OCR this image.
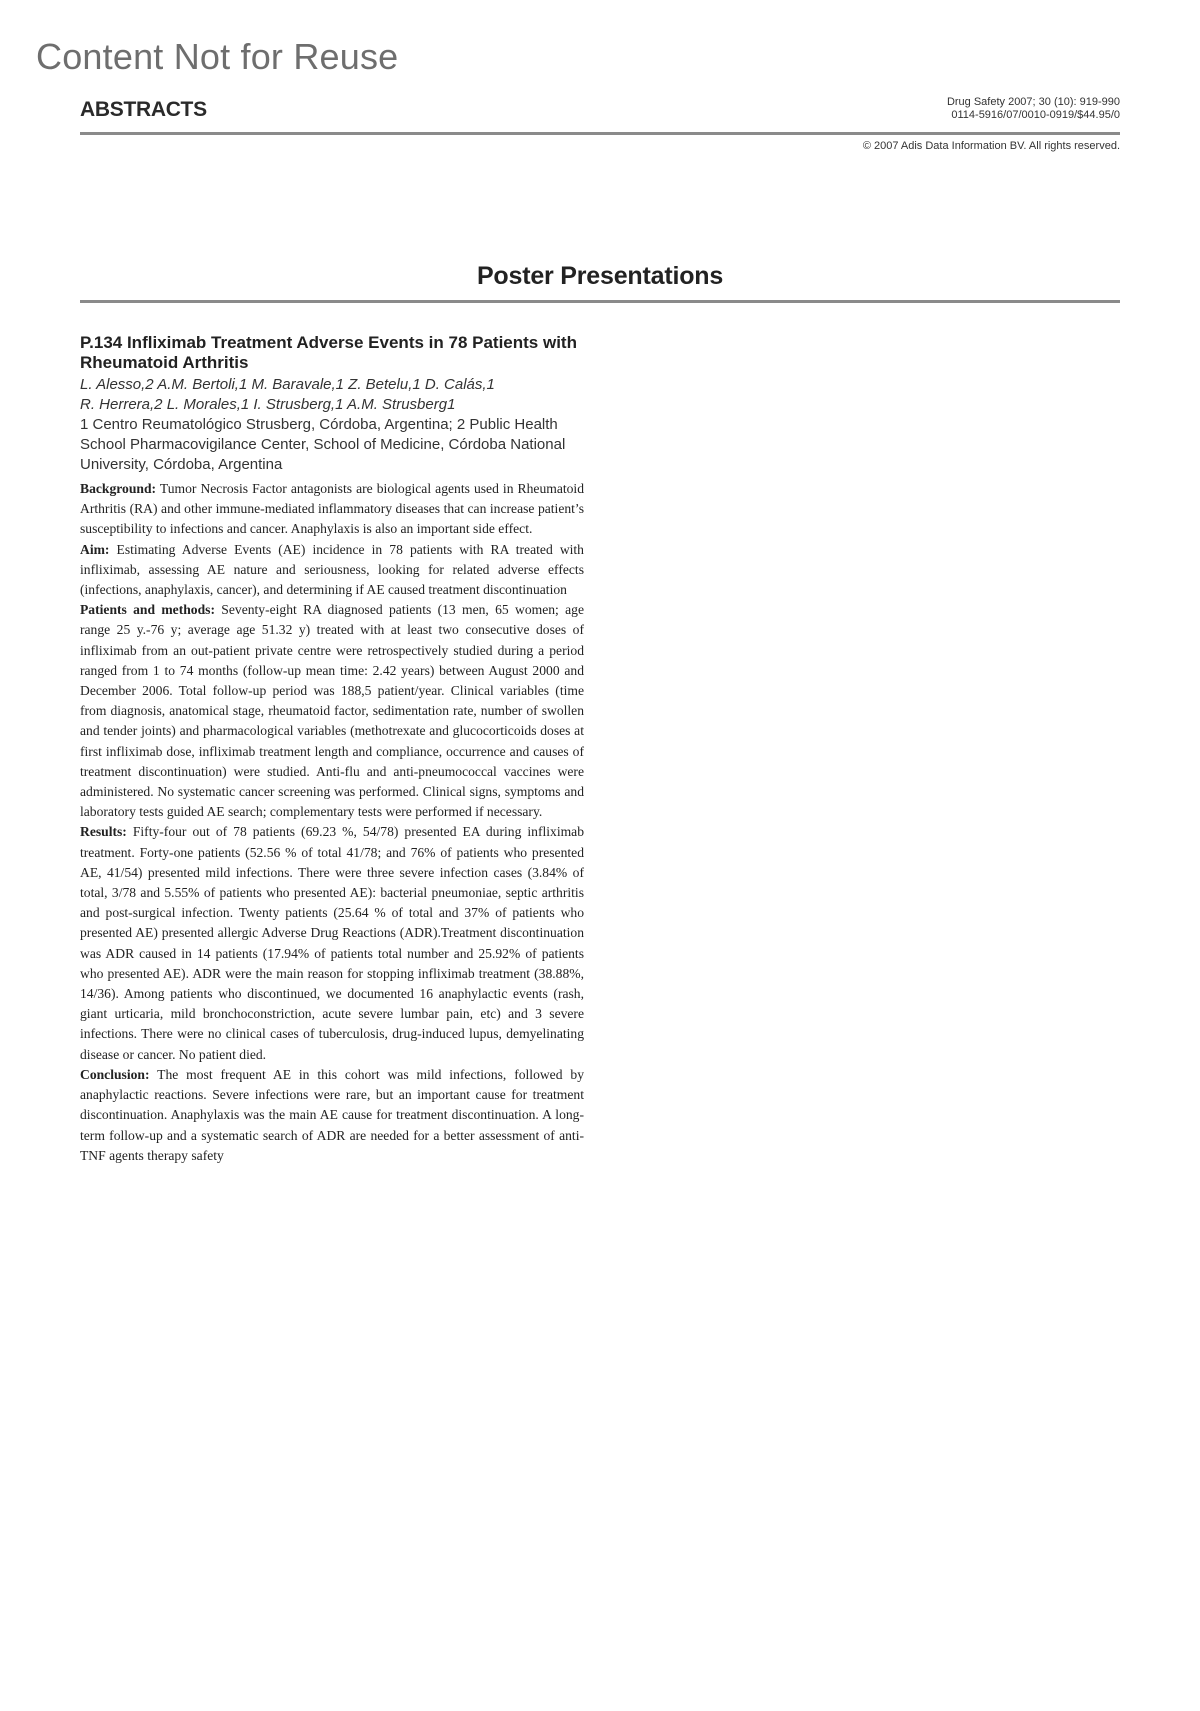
Content Not for Reuse
ABSTRACTS	Drug Safety 2007; 30 (10): 919-990
0114-5916/07/0010-0919/$44.95/0
© 2007 Adis Data Information BV. All rights reserved.
Poster Presentations

P.134 Infliximab Treatment Adverse Events in 78 Patients with Rheumatoid Arthritis

L. Alesso,2 A.M. Bertoli,1 M. Baravale,1 Z. Betelu,1 D. Calás,1
R. Herrera,2 L. Morales,1 I. Strusberg,1 A.M. Strusberg1

1 Centro Reumatológico Strusberg, Córdoba, Argentina; 2 Public Health School Pharmacovigilance Center, School of Medicine, Córdoba National University, Córdoba, Argentina

Background: Tumor Necrosis Factor antagonists are biological agents used in Rheumatoid Arthritis (RA) and other immune-mediated inflammatory diseases that can increase patient’s susceptibility to infections and cancer. Anaphylaxis is also an important side effect.

Aim: Estimating Adverse Events (AE) incidence in 78 patients with RA treated with infliximab, assessing AE nature and seriousness, looking for related adverse effects (infections, anaphylaxis, cancer), and determining if AE caused treatment discontinuation

Patients and methods: Seventy-eight RA diagnosed patients (13 men, 65 women; age range 25 y.-76 y; average age 51.32 y) treated with at least two consecutive doses of infliximab from an out-patient private centre were retrospectively studied during a period ranged from 1 to 74 months (follow-up mean time: 2.42 years) between August 2000 and December 2006. Total follow-up period was 188,5 patient/year. Clinical variables (time from diagnosis, anatomical stage, rheumatoid factor, sedimentation rate, number of swollen and tender joints) and pharmacological variables (methotrexate and glucocorticoids doses at first infliximab dose, infliximab treatment length and compliance, occurrence and causes of treatment discontinuation) were studied. Anti-flu and anti-pneumococcal vaccines were administered. No systematic cancer screening was performed. Clinical signs, symptoms and laboratory tests guided AE search; complementary tests were performed if necessary.

Results: Fifty-four out of 78 patients (69.23 %, 54/78) presented EA during infliximab treatment. Forty-one patients (52.56 % of total 41/78; and 76% of patients who presented AE, 41/54) presented mild infections. There were three severe infection cases (3.84% of total, 3/78 and 5.55% of patients who presented AE): bacterial pneumoniae, septic arthritis and post-surgical infection. Twenty patients (25.64 % of total and 37% of patients who presented AE) presented allergic Adverse Drug Reactions (ADR).Treatment discontinuation was ADR caused in 14 patients (17.94% of patients total number and 25.92% of patients who presented AE). ADR were the main reason for stopping infliximab treatment (38.88%, 14/36). Among patients who discontinued, we documented 16 anaphylactic events (rash, giant urticaria, mild bronchoconstriction, acute severe lumbar pain, etc) and 3 severe infections. There were no clinical cases of tuberculosis, drug-induced lupus, demyelinating disease or cancer. No patient died.

Conclusion: The most frequent AE in this cohort was mild infections, followed by anaphylactic reactions. Severe infections were rare, but an important cause for treatment discontinuation. Anaphylaxis was the main AE cause for treatment discontinuation. A long-term follow-up and a systematic search of ADR are needed for a better assessment of anti-TNF agents therapy safety
